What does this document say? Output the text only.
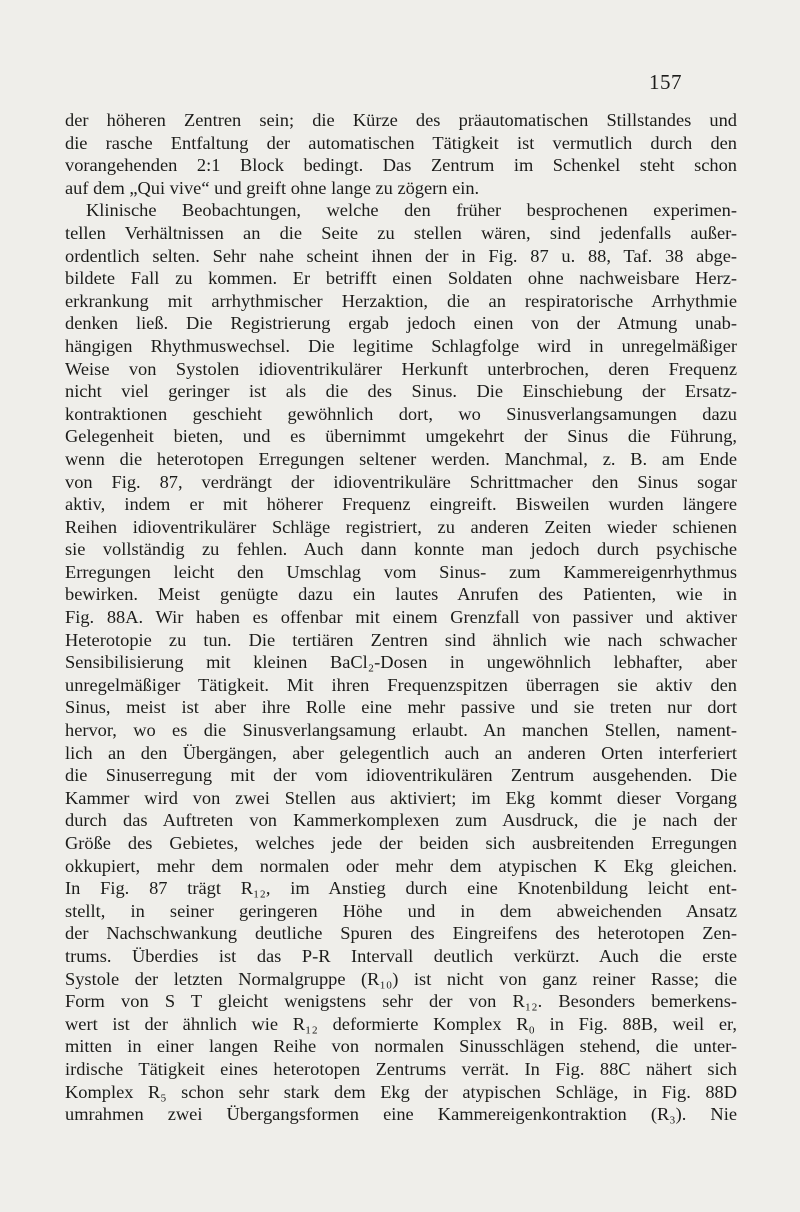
157
der höheren Zentren sein; die Kürze des präautomatischen Stillstandes und
die rasche Entfaltung der automatischen Tätigkeit ist vermutlich durch den
vorangehenden 2:1 Block bedingt. Das Zentrum im Schenkel steht schon
auf dem „Qui vive“ und greift ohne lange zu zögern ein.
Klinische Beobachtungen, welche den früher besprochenen experimen-
tellen Verhältnissen an die Seite zu stellen wären, sind jedenfalls außer-
ordentlich selten. Sehr nahe scheint ihnen der in Fig. 87 u. 88, Taf. 38 abge-
bildete Fall zu kommen. Er betrifft einen Soldaten ohne nachweisbare Herz-
erkrankung mit arrhythmischer Herzaktion, die an respiratorische Arrhythmie
denken ließ. Die Registrierung ergab jedoch einen von der Atmung unab-
hängigen Rhythmuswechsel. Die legitime Schlagfolge wird in unregelmäßiger
Weise von Systolen idioventrikulärer Herkunft unterbrochen, deren Frequenz
nicht viel geringer ist als die des Sinus. Die Einschiebung der Ersatz-
kontraktionen geschieht gewöhnlich dort, wo Sinusverlangsamungen dazu
Gelegenheit bieten, und es übernimmt umgekehrt der Sinus die Führung,
wenn die heterotopen Erregungen seltener werden. Manchmal, z. B. am Ende
von Fig. 87, verdrängt der idioventrikuläre Schrittmacher den Sinus sogar
aktiv, indem er mit höherer Frequenz eingreift. Bisweilen wurden längere
Reihen idioventrikulärer Schläge registriert, zu anderen Zeiten wieder schienen
sie vollständig zu fehlen. Auch dann konnte man jedoch durch psychische
Erregungen leicht den Umschlag vom Sinus- zum Kammereigenrhythmus
bewirken. Meist genügte dazu ein lautes Anrufen des Patienten, wie in
Fig. 88A. Wir haben es offenbar mit einem Grenzfall von passiver und aktiver
Heterotopie zu tun. Die tertiären Zentren sind ähnlich wie nach schwacher
Sensibilisierung mit kleinen BaCl₂-Dosen in ungewöhnlich lebhafter, aber
unregelmäßiger Tätigkeit. Mit ihren Frequenzspitzen überragen sie aktiv den
Sinus, meist ist aber ihre Rolle eine mehr passive und sie treten nur dort
hervor, wo es die Sinusverlangsamung erlaubt. An manchen Stellen, nament-
lich an den Übergängen, aber gelegentlich auch an anderen Orten interferiert
die Sinuserregung mit der vom idioventrikulären Zentrum ausgehenden. Die
Kammer wird von zwei Stellen aus aktiviert; im Ekg kommt dieser Vorgang
durch das Auftreten von Kammerkomplexen zum Ausdruck, die je nach der
Größe des Gebietes, welches jede der beiden sich ausbreitenden Erregungen
okkupiert, mehr dem normalen oder mehr dem atypischen K Ekg gleichen.
In Fig. 87 trägt R₁₂, im Anstieg durch eine Knotenbildung leicht ent-
stellt, in seiner geringeren Höhe und in dem abweichenden Ansatz
der Nachschwankung deutliche Spuren des Eingreifens des heterotopen Zen-
trums. Überdies ist das P-R Intervall deutlich verkürzt. Auch die erste
Systole der letzten Normalgruppe (R₁₀) ist nicht von ganz reiner Rasse; die
Form von S T gleicht wenigstens sehr der von R₁₂. Besonders bemerkens-
wert ist der ähnlich wie R₁₂ deformierte Komplex R₀ in Fig. 88B, weil er,
mitten in einer langen Reihe von normalen Sinusschlägen stehend, die unter-
irdische Tätigkeit eines heterotopen Zentrums verrät. In Fig. 88C nähert sich
Komplex R₅ schon sehr stark dem Ekg der atypischen Schläge, in Fig. 88D
umrahmen zwei Übergangsformen eine Kammereigenkontraktion (R₃). Nie
